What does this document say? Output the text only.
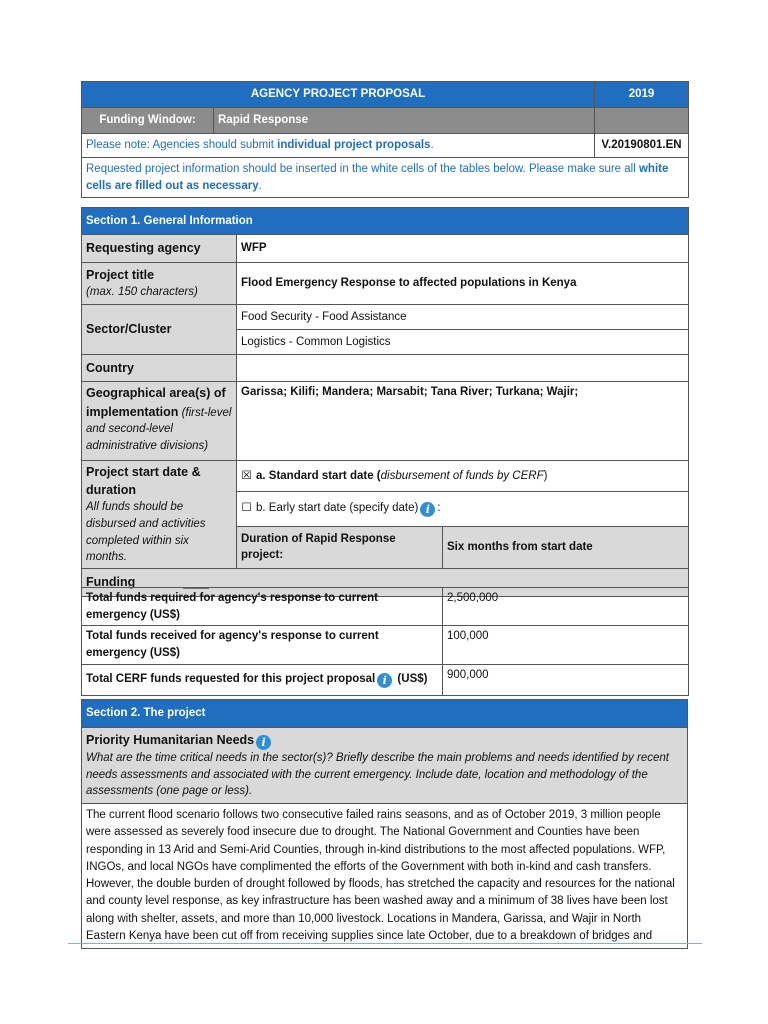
AGENCY PROJECT PROPOSAL		2019
Funding Window:	Rapid Response	
Please note: Agencies should submit individual project proposals.		V.20190801.EN
Requested project information should be inserted in the white cells of the tables below. Please make sure all white cells are filled out as necessary.		
Section 1. General Information		
Requesting agency	WFP	

Project title
(max. 150 characters)	Flood Emergency Response to affected populations in Kenya	
Sector/Cluster	Food Security - Food Assistance	
	Logistics - Common Logistics	
Country		
Geographical area(s) of implementation (first-level and second-level administrative divisions)	Garissa; Kilifi; Mandera; Marsabit; Tana River; Turkana; Wajir;	

Project start date & duration
All funds should be disbursed and activities completed within six months.	☒ a. Standard start date (disbursement of funds by CERF)	
	☐ b. Early start date (specify date) i :	
	Duration of Rapid Response project:	Six months from start date
Funding ____		
Total funds required for agency's response to current emergency (US$)	2,500,000
Total funds received for agency's response to current emergency (US$)	100,000
Total CERF funds requested for this project proposal i (US$)	900,000
Section 2. The project

Priority Humanitarian Needs i
What are the time critical needs in the sector(s)? Briefly describe the main problems and needs identified by recent needs assessments and associated with the current emergency. Include date, location and methodology of the assessments (one page or less).

The current flood scenario follows two consecutive failed rains seasons, and as of October 2019, 3 million people were assessed as severely food insecure due to drought. The National Government and Counties have been responding in 13 Arid and Semi-Arid Counties, through in-kind distributions to the most affected populations. WFP, INGOs, and local NGOs have complimented the efforts of the Government with both in-kind and cash transfers. However, the double burden of drought followed by floods, has stretched the capacity and resources for the national and county level response, as key infrastructure has been washed away and a minimum of 38 lives have been lost along with shelter, assets, and more than 10,000 livestock. Locations in Mandera, Garissa, and Wajir in North Eastern Kenya have been cut off from receiving supplies since late October, due to a breakdown of bridges and
